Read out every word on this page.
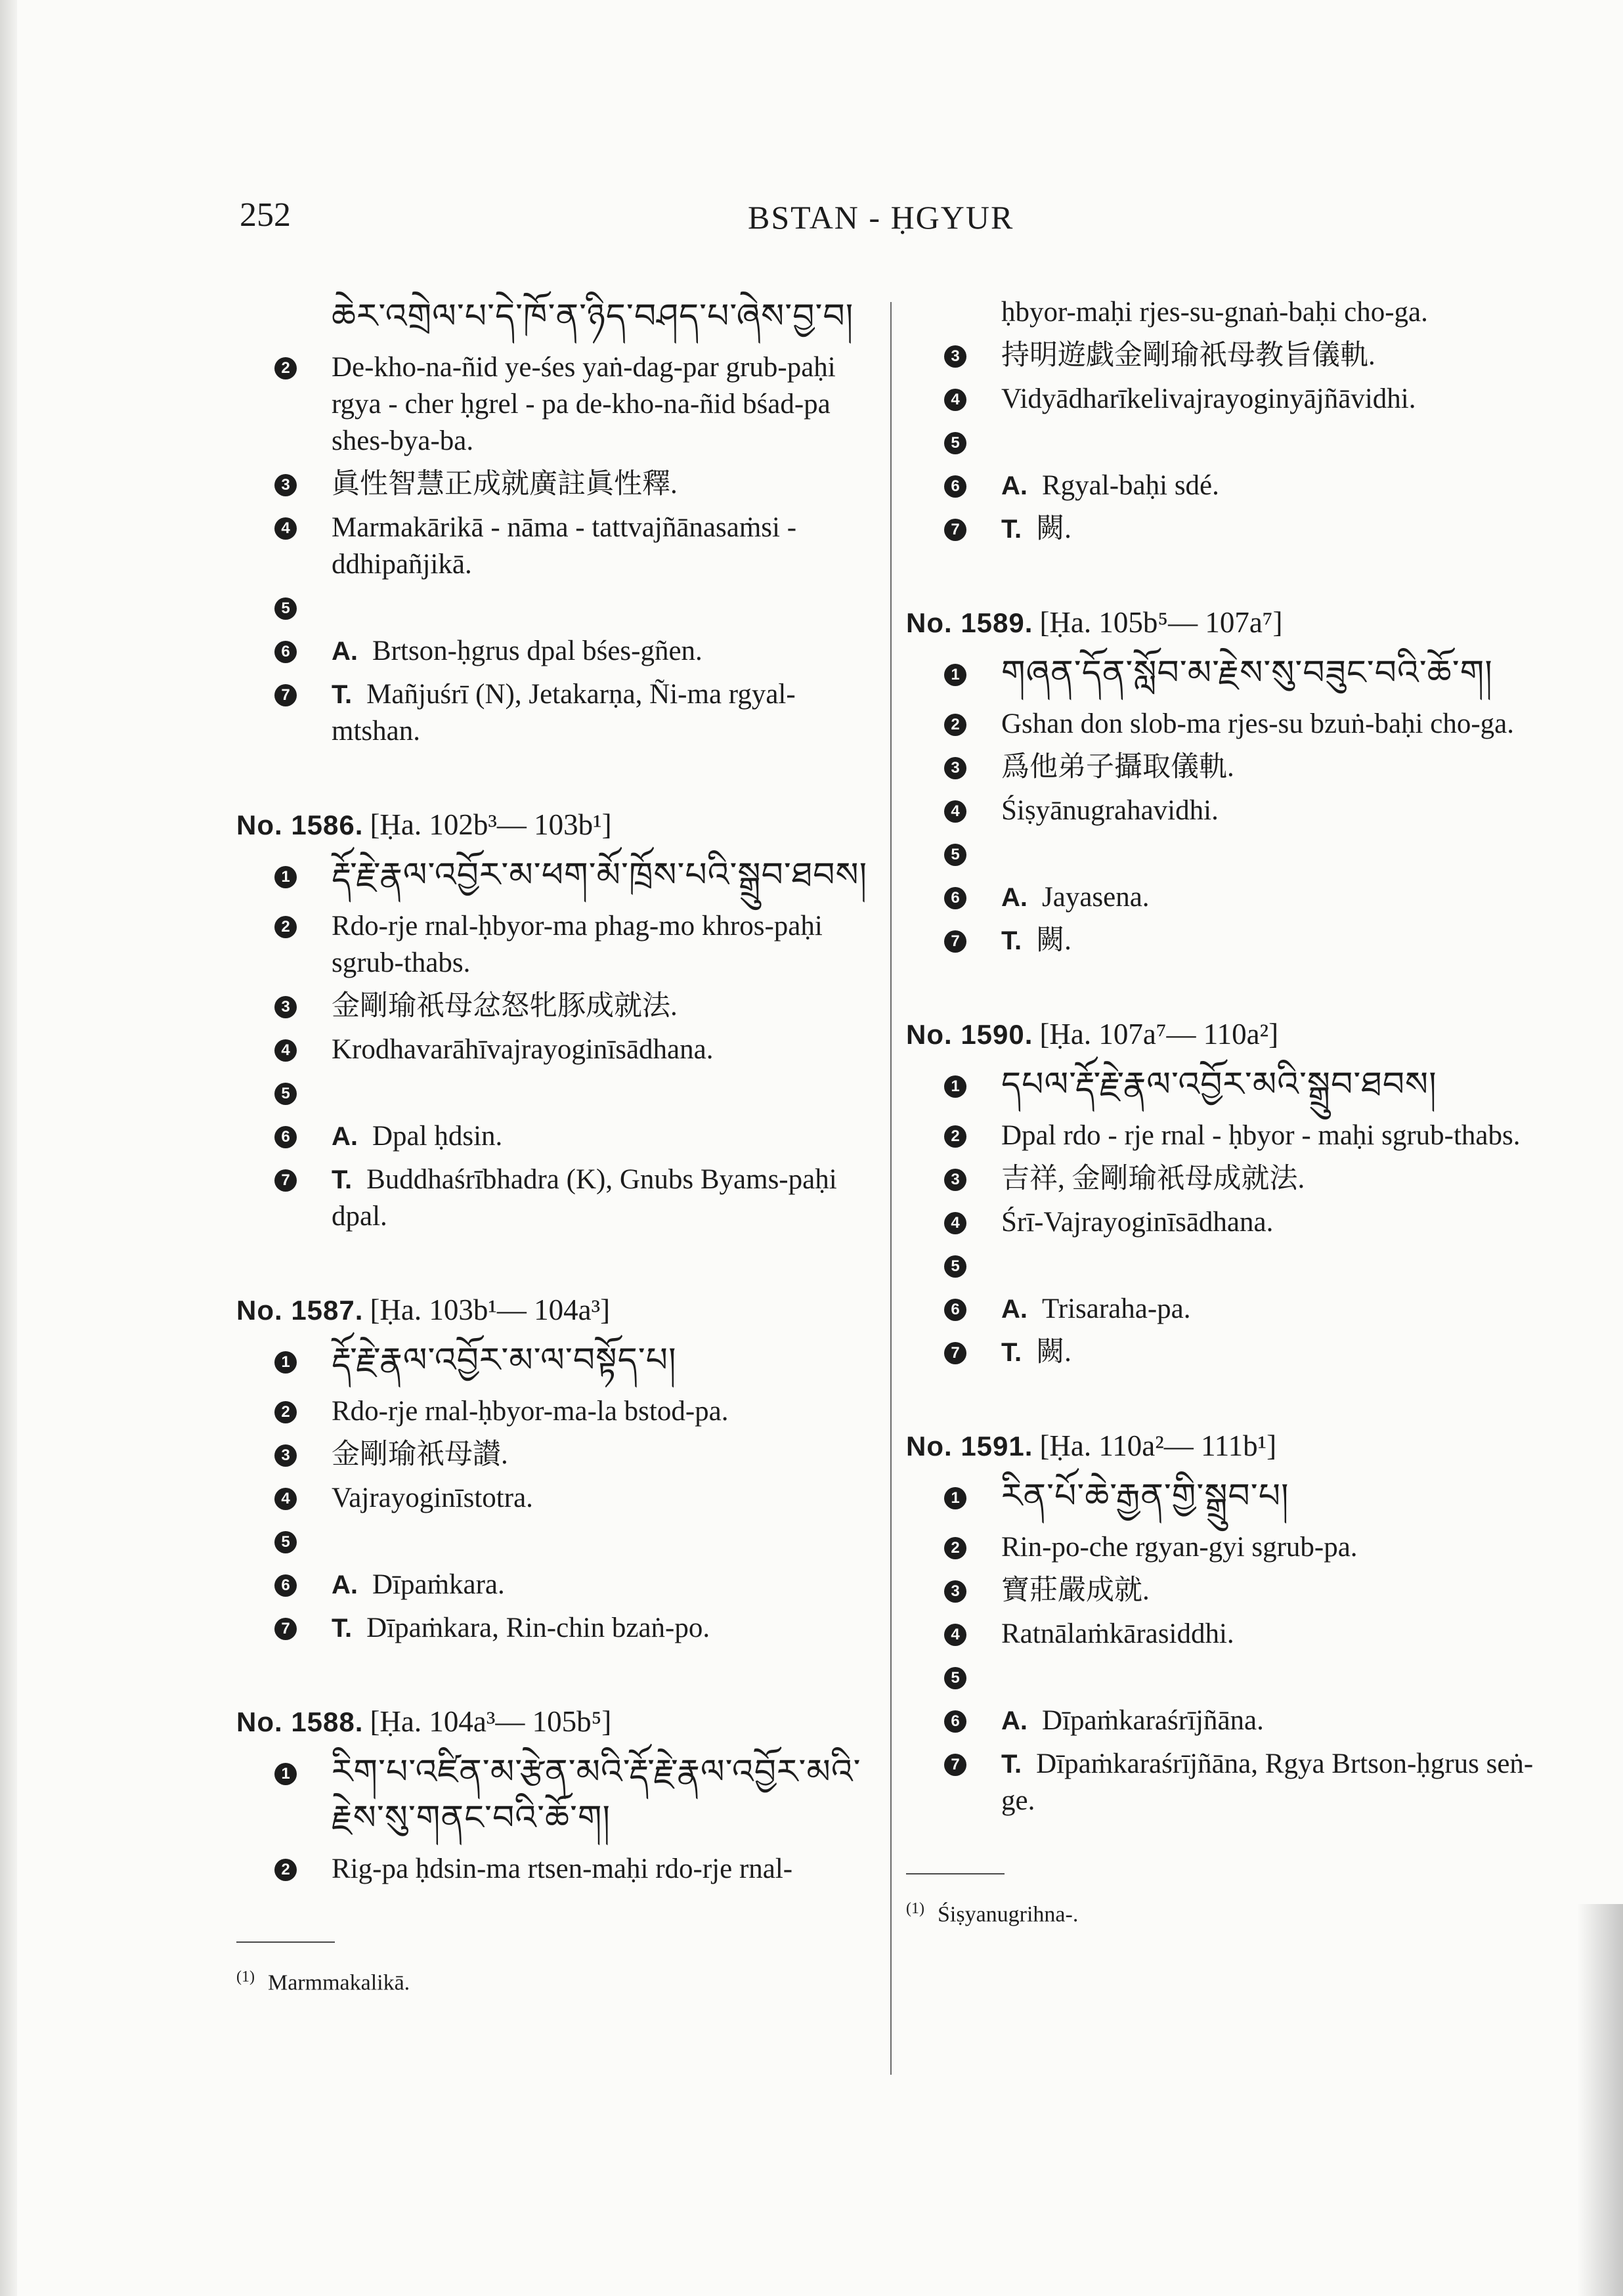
252	BSTAN - ḤGYUR
ཆེར་འགྲེལ་པ་དེ་ཁོ་ན་ཉིད་བཤད་པ་ཞེས་བྱ་བ།
2 De-kho-na-ñid ye-śes yaṅ-dag-par grub-paḥi rgya - cher ḥgrel - pa de-kho-na-ñid bśad-pa shes-bya-ba.
3 眞性智慧正成就廣註眞性釋.
4 Marmakārikā - nāma - tattvajñānasaṁsi - ddhipañjikā.
5
6 A. Brtson-ḥgrus dpal bśes-gñen.
7 T. Mañjuśrī (N), Jetakarṇa, Ñi-ma rgyal-mtshan.
No. 1586. [Ḥa. 102b³— 103b¹]
1 རྡོ་རྗེ་རྣལ་འབྱོར་མ་ཕག་མོ་ཁྲོས་པའི་སྒྲུབ་ཐབས།
2 Rdo-rje rnal-ḥbyor-ma phag-mo khros-paḥi sgrub-thabs.
3 金剛瑜祇母忿怒牝豚成就法.
4 Krodhavarāhīvajrayoginīsādhana.
5
6 A. Dpal ḥdsin.
7 T. Buddhaśrībhadra (K), Gnubs Byams-paḥi dpal.
No. 1587. [Ḥa. 103b¹— 104a³]
1 རྡོ་རྗེ་རྣལ་འབྱོར་མ་ལ་བསྟོད་པ།
2 Rdo-rje rnal-ḥbyor-ma-la bstod-pa.
3 金剛瑜祇母讃.
4 Vajrayoginīstotra.
5
6 A. Dīpaṁkara.
7 T. Dīpaṁkara, Rin-chin bzaṅ-po.
No. 1588. [Ḥa. 104a³— 105b⁵]
1 རིག་པ་འཛིན་མ་རྩེན་མའི་རྡོ་རྗེ་རྣལ་འབྱོར་མའི་རྗེས་སུ་གནང་བའི་ཆོ་ག།
2 Rig-pa ḥdsin-ma rtsen-maḥi rdo-rje rnal-
$^{(1)}$ Marmmakalikā.
ḥbyor-maḥi rjes-su-gnaṅ-baḥi cho-ga.
3 持明遊戯金剛瑜祇母教旨儀軌.
4 Vidyādharīkelivajrayoginyājñāvidhi.
5
6 A. Rgyal-baḥi sdé.
7 T. 闕.
No. 1589. [Ḥa. 105b⁵— 107a⁷]
1 གཞན་དོན་སློབ་མ་རྗེས་སུ་བཟུང་བའི་ཆོ་ག།
2 Gshan don slob-ma rjes-su bzuṅ-baḥi cho-ga.
3 爲他弟子攝取儀軌.
4 Śiṣyānugrahavidhi.
5
6 A. Jayasena.
7 T. 闕.
No. 1590. [Ḥa. 107a⁷— 110a²]
1 དཔལ་རྡོ་རྗེ་རྣལ་འབྱོར་མའི་སྒྲུབ་ཐབས།
2 Dpal rdo - rje rnal - ḥbyor - maḥi sgrub-thabs.
3 吉祥, 金剛瑜祇母成就法.
4 Śrī-Vajrayoginīsādhana.
5
6 A. Trisaraha-pa.
7 T. 闕.
No. 1591. [Ḥa. 110a²— 111b¹]
1 རིན་པོ་ཆེ་རྒྱན་གྱི་སྒྲུབ་པ།
2 Rin-po-che rgyan-gyi sgrub-pa.
3 寶莊嚴成就.
4 Ratnālaṁkārasiddhi.
5
6 A. Dīpaṁkaraśrījñāna.
7 T. Dīpaṁkaraśrījñāna, Rgya Brtson-ḥgrus seṅ-ge.
$^{(1)}$ Śiṣyanugrihna-.
